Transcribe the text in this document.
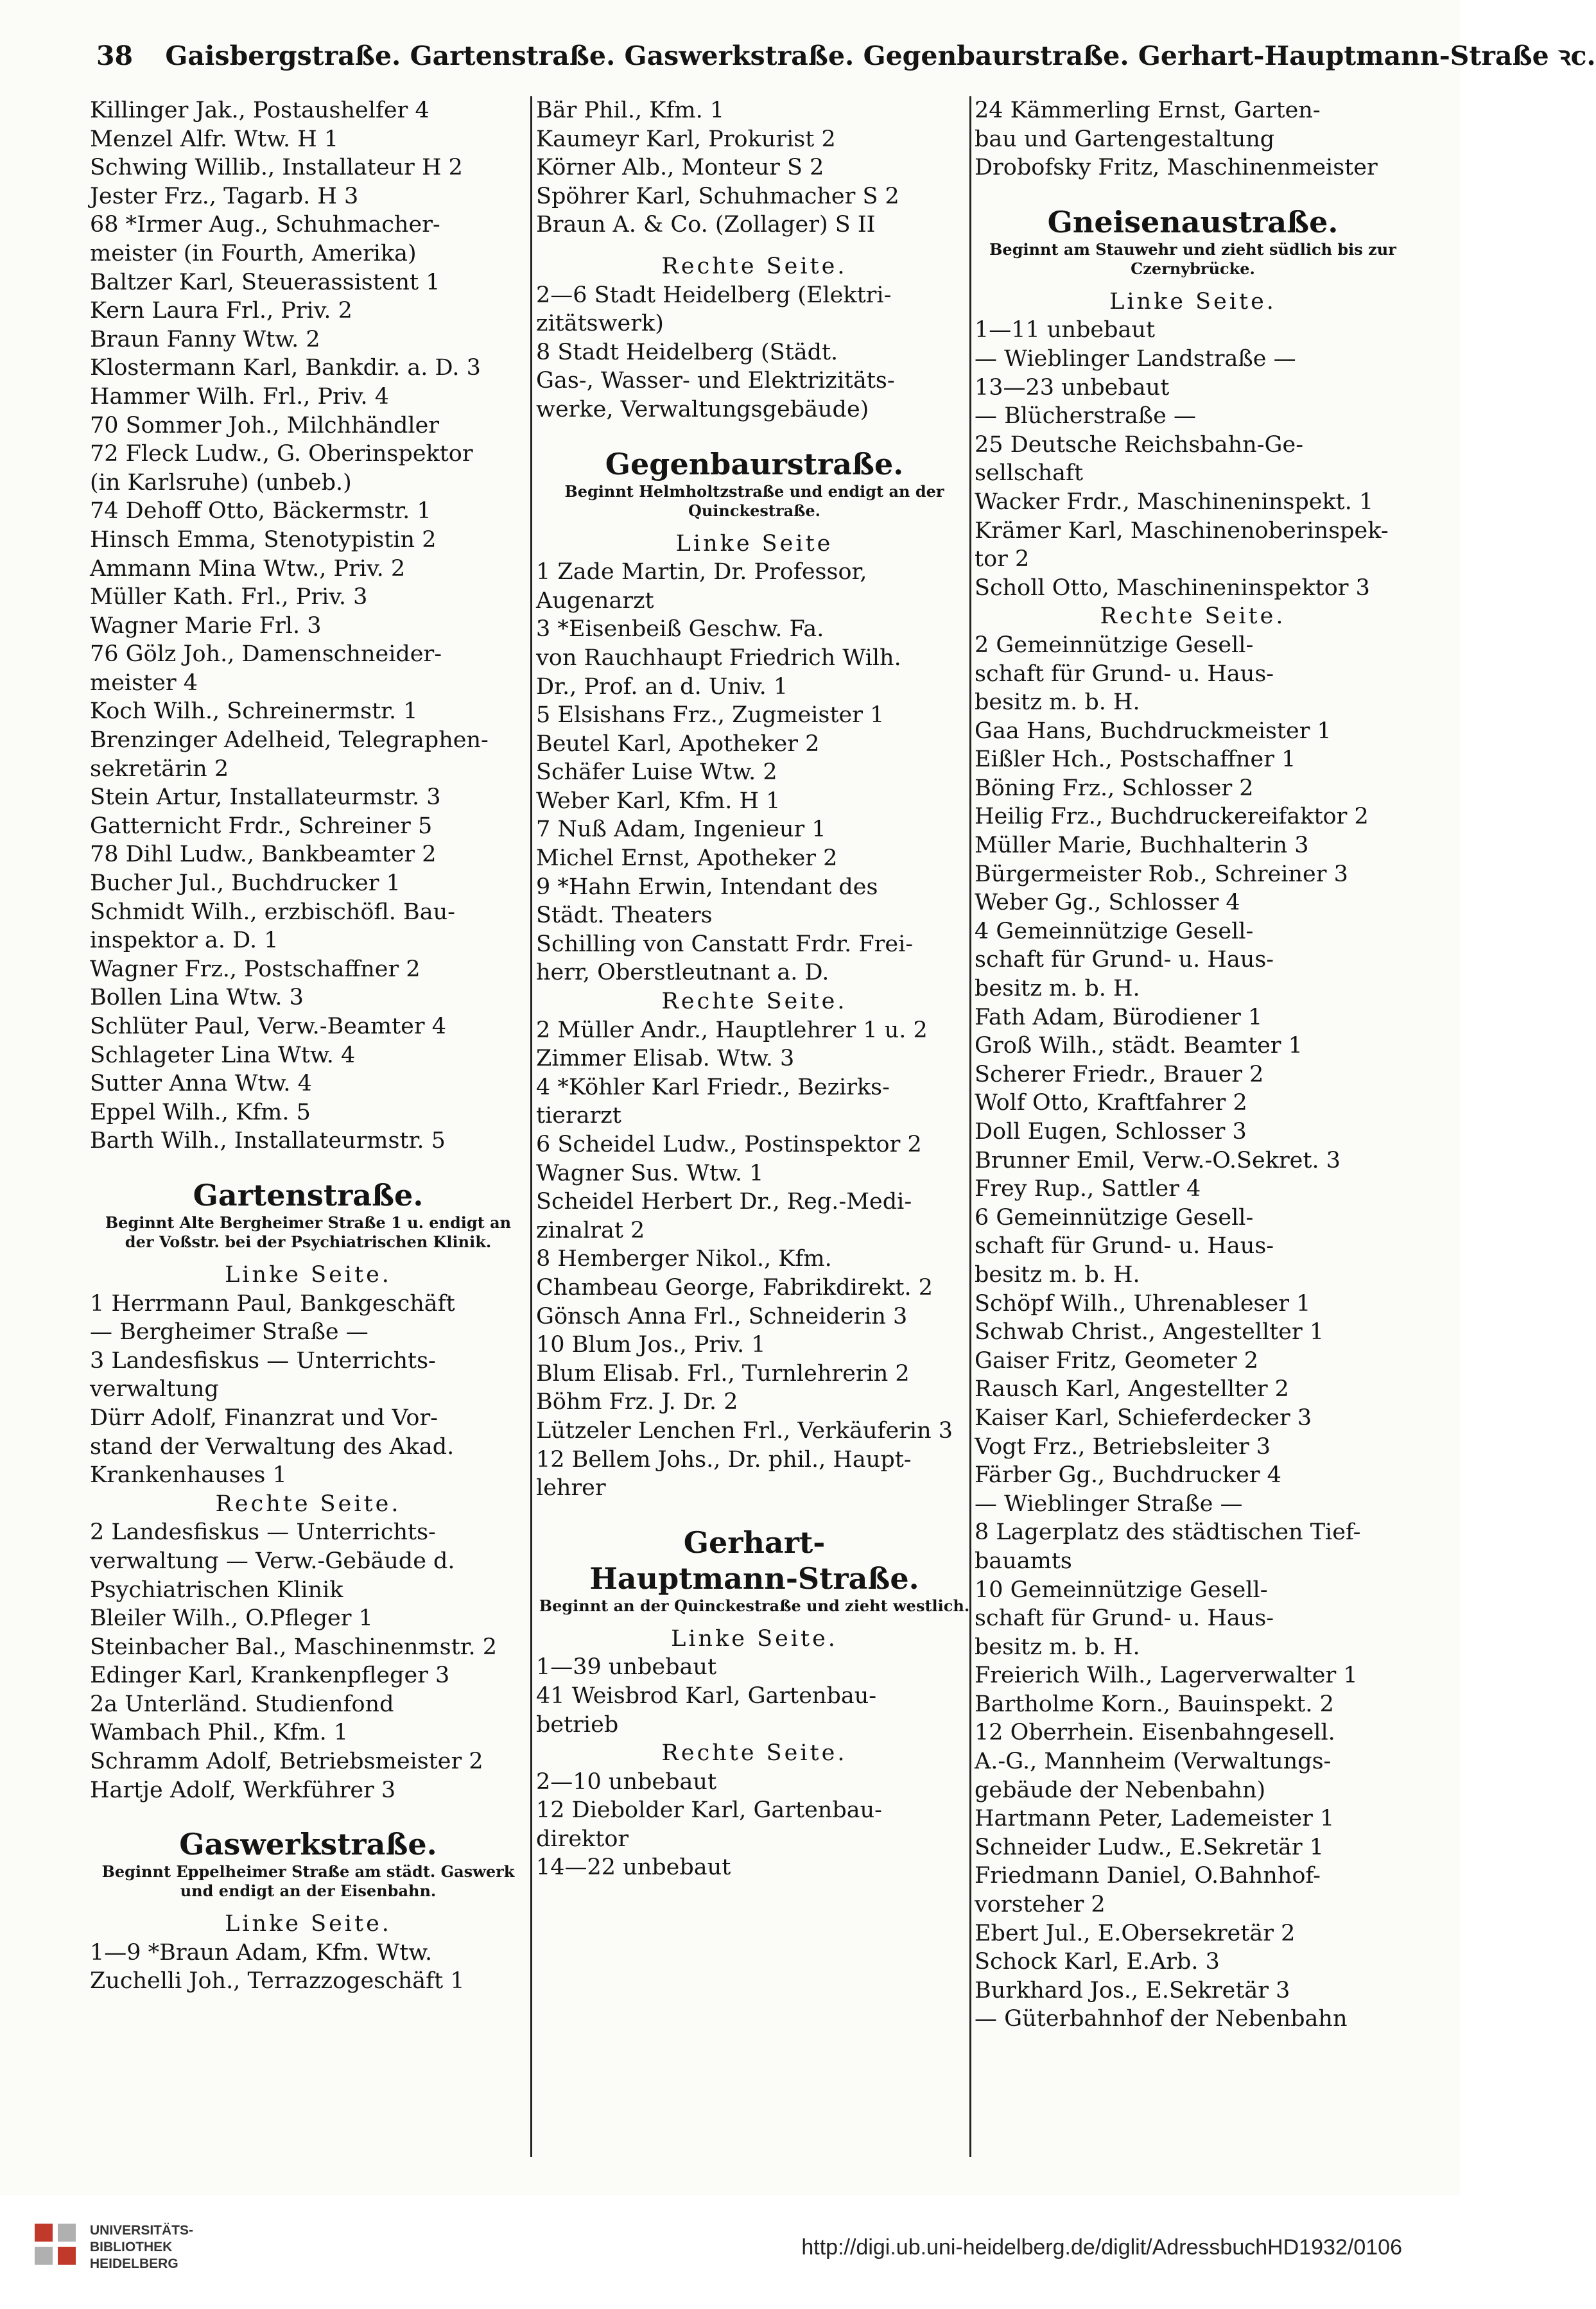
38 Gaisbergstraße. Gartenstraße. Gaswerkstraße. Gegenbaurstraße. Gerhart-Hauptmann-Straße ꝛc.
Killinger Jak., Postaushelfer 4
Menzel Alfr. Wtw. H 1
Schwing Willib., Installateur H 2
Jester Frz., Tagarb. H 3
68 *Irmer Aug., Schuhmacher-
meister (in Fourth, Amerika)
Baltzer Karl, Steuerassistent 1
Kern Laura Frl., Priv. 2
Braun Fanny Wtw. 2
Klostermann Karl, Bankdir. a. D. 3
Hammer Wilh. Frl., Priv. 4
70 Sommer Joh., Milchhändler
72 Fleck Ludw., G. Oberinspektor
(in Karlsruhe) (unbeb.)
74 Dehoff Otto, Bäckermstr. 1
Hinsch Emma, Stenotypistin 2
Ammann Mina Wtw., Priv. 2
Müller Kath. Frl., Priv. 3
Wagner Marie Frl. 3
76 Gölz Joh., Damenschneider-
meister 4
Koch Wilh., Schreinermstr. 1
Brenzinger Adelheid, Telegraphen-
sekretärin 2
Stein Artur, Installateurmstr. 3
Gatternicht Frdr., Schreiner 5
78 Dihl Ludw., Bankbeamter 2
Bucher Jul., Buchdrucker 1
Schmidt Wilh., erzbischöfl. Bau-
inspektor a. D. 1
Wagner Frz., Postschaffner 2
Bollen Lina Wtw. 3
Schlüter Paul, Verw.-Beamter 4
Schlageter Lina Wtw. 4
Sutter Anna Wtw. 4
Eppel Wilh., Kfm. 5
Barth Wilh., Installateurmstr. 5
Gartenstraße.
Beginnt Alte Bergheimer Straße 1 u. endigt an der Voßstr. bei der Psychiatrischen Klinik.
Linke Seite.
1 Herrmann Paul, Bankgeschäft
— Bergheimer Straße —
3 Landesfiskus — Unterrichts-
verwaltung
Dürr Adolf, Finanzrat und Vor-
stand der Verwaltung des Akad.
Krankenhauses 1
Rechte Seite.
2 Landesfiskus — Unterrichts-
verwaltung — Verw.-Gebäude d.
Psychiatrischen Klinik
Bleiler Wilh., O.Pfleger 1
Steinbacher Bal., Maschinenmstr. 2
Edinger Karl, Krankenpfleger 3
2a Unterländ. Studienfond
Wambach Phil., Kfm. 1
Schramm Adolf, Betriebsmeister 2
Hartje Adolf, Werkführer 3
Gaswerkstraße.
Beginnt Eppelheimer Straße am städt. Gaswerk und endigt an der Eisenbahn.
Linke Seite.
1—9 *Braun Adam, Kfm. Wtw.
Zuchelli Joh., Terrazzogeschäft 1
Bär Phil., Kfm. 1
Kaumeyr Karl, Prokurist 2
Körner Alb., Monteur S 2
Spöhrer Karl, Schuhmacher S 2
Braun A. & Co. (Zollager) S II
Rechte Seite.
2—6 Stadt Heidelberg (Elektri-
zitätswerk)
8 Stadt Heidelberg (Städt.
Gas-, Wasser- und Elektrizitäts-
werke, Verwaltungsgebäude)
Gegenbaurstraße.
Beginnt Helmholtzstraße und endigt an der Quinckestraße.
Linke Seite
1 Zade Martin, Dr. Professor,
Augenarzt
3 *Eisenbeiß Geschw. Fa.
von Rauchhaupt Friedrich Wilh.
Dr., Prof. an d. Univ. 1
5 Elsishans Frz., Zugmeister 1
Beutel Karl, Apotheker 2
Schäfer Luise Wtw. 2
Weber Karl, Kfm. H 1
7 Nuß Adam, Ingenieur 1
Michel Ernst, Apotheker 2
9 *Hahn Erwin, Intendant des
Städt. Theaters
Schilling von Canstatt Frdr. Frei-
herr, Oberstleutnant a. D.
Rechte Seite.
2 Müller Andr., Hauptlehrer 1 u. 2
Zimmer Elisab. Wtw. 3
4 *Köhler Karl Friedr., Bezirks-
tierarzt
6 Scheidel Ludw., Postinspektor 2
Wagner Sus. Wtw. 1
Scheidel Herbert Dr., Reg.-Medi-
zinalrat 2
8 Hemberger Nikol., Kfm.
Chambeau George, Fabrikdirekt. 2
Gönsch Anna Frl., Schneiderin 3
10 Blum Jos., Priv. 1
Blum Elisab. Frl., Turnlehrerin 2
Böhm Frz. J. Dr. 2
Lützeler Lenchen Frl., Verkäuferin 3
12 Bellem Johs., Dr. phil., Haupt-
lehrer
Gerhart-
Hauptmann-Straße.
Beginnt an der Quinckestraße und zieht westlich.
Linke Seite.
1—39 unbebaut
41 Weisbrod Karl, Gartenbau-
betrieb
Rechte Seite.
2—10 unbebaut
12 Diebolder Karl, Gartenbau-
direktor
14—22 unbebaut
24 Kämmerling Ernst, Garten-
bau und Gartengestaltung
Drobofsky Fritz, Maschinenmeister
Gneisenaustraße.
Beginnt am Stauwehr und zieht südlich bis zur Czernybrücke.
Linke Seite.
1—11 unbebaut
— Wieblinger Landstraße —
13—23 unbebaut
— Blücherstraße —
25 Deutsche Reichsbahn-Ge-
sellschaft
Wacker Frdr., Maschineninspekt. 1
Krämer Karl, Maschinenoberinspek-
tor 2
Scholl Otto, Maschineninspektor 3
Rechte Seite.
2 Gemeinnützige Gesell-
schaft für Grund- u. Haus-
besitz m. b. H.
Gaa Hans, Buchdruckmeister 1
Eißler Hch., Postschaffner 1
Böning Frz., Schlosser 2
Heilig Frz., Buchdruckereifaktor 2
Müller Marie, Buchhalterin 3
Bürgermeister Rob., Schreiner 3
Weber Gg., Schlosser 4
4 Gemeinnützige Gesell-
schaft für Grund- u. Haus-
besitz m. b. H.
Fath Adam, Bürodiener 1
Groß Wilh., städt. Beamter 1
Scherer Friedr., Brauer 2
Wolf Otto, Kraftfahrer 2
Doll Eugen, Schlosser 3
Brunner Emil, Verw.-O.Sekret. 3
Frey Rup., Sattler 4
6 Gemeinnützige Gesell-
schaft für Grund- u. Haus-
besitz m. b. H.
Schöpf Wilh., Uhrenableser 1
Schwab Christ., Angestellter 1
Gaiser Fritz, Geometer 2
Rausch Karl, Angestellter 2
Kaiser Karl, Schieferdecker 3
Vogt Frz., Betriebsleiter 3
Färber Gg., Buchdrucker 4
— Wieblinger Straße —
8 Lagerplatz des städtischen Tief-
bauamts
10 Gemeinnützige Gesell-
schaft für Grund- u. Haus-
besitz m. b. H.
Freierich Wilh., Lagerverwalter 1
Bartholme Korn., Bauinspekt. 2
12 Oberrhein. Eisenbahngesell.
A.-G., Mannheim (Verwaltungs-
gebäude der Nebenbahn)
Hartmann Peter, Lademeister 1
Schneider Ludw., E.Sekretär 1
Friedmann Daniel, O.Bahnhof-
vorsteher 2
Ebert Jul., E.Obersekretär 2
Schock Karl, E.Arb. 3
Burkhard Jos., E.Sekretär 3
— Güterbahnhof der Nebenbahn
UNIVERSITÄTS-
BIBLIOTHEK
HEIDELBERG
http://digi.ub.uni-heidelberg.de/diglit/AdressbuchHD1932/0106
